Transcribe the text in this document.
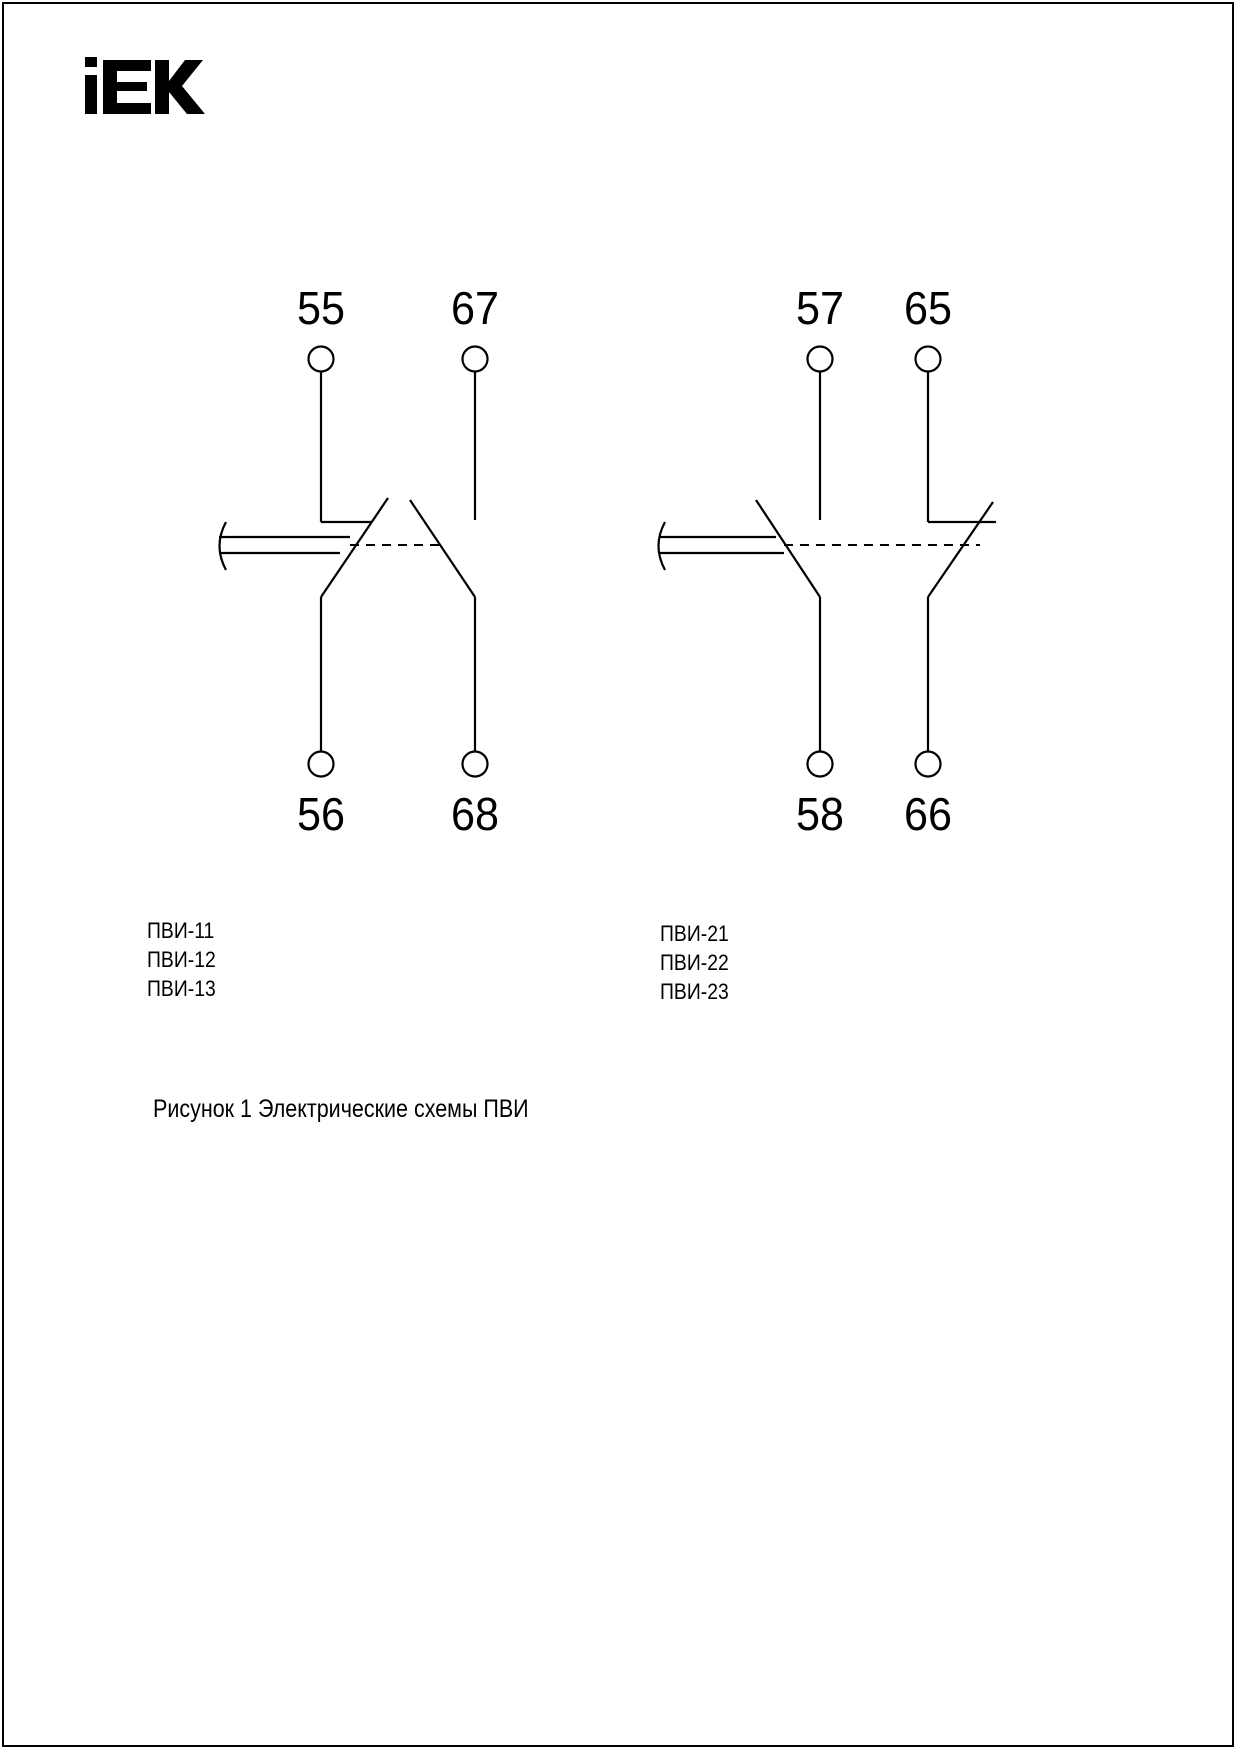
55 67
56 68
57 65
58 66
ПВИ-11
ПВИ-12
ПВИ-13
ПВИ-21
ПВИ-22
ПВИ-23
Рисунок 1 Электрические схемы ПВИ
